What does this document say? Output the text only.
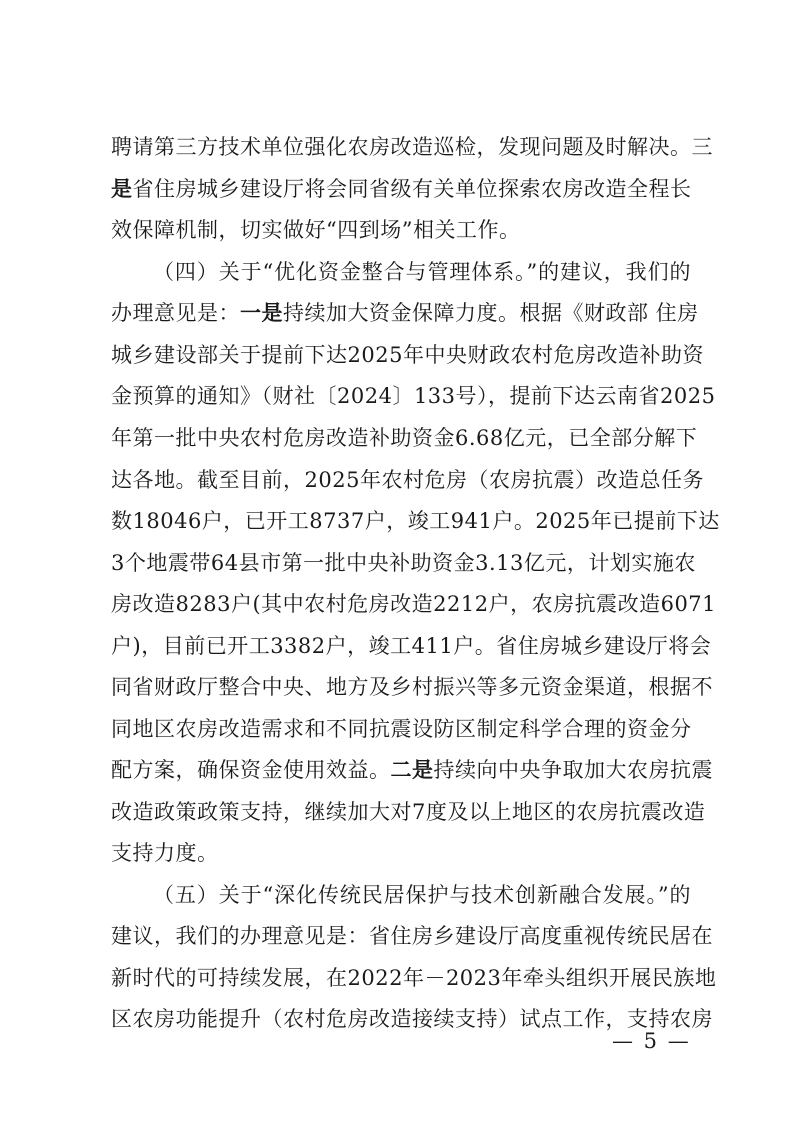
聘请第三方技术单位强化农房改造巡检，发现问题及时解决。三
是省住房城乡建设厅将会同省级有关单位探索农房改造全程长
效保障机制，切实做好“四到场”相关工作。
（四）关于“优化资金整合与管理体系。”的建议，我们的
办理意见是：一是持续加大资金保障力度。根据《财政部 住房
城乡建设部关于提前下达2025年中央财政农村危房改造补助资
金预算的通知》（财社〔2024〕133号），提前下达云南省2025
年第一批中央农村危房改造补助资金6.68亿元，已全部分解下
达各地。截至目前，2025年农村危房（农房抗震）改造总任务
数18046户，已开工8737户，竣工941户。2025年已提前下达
3个地震带64县市第一批中央补助资金3.13亿元，计划实施农
房改造8283户(其中农村危房改造2212户，农房抗震改造6071
户)，目前已开工3382户，竣工411户。省住房城乡建设厅将会
同省财政厅整合中央、地方及乡村振兴等多元资金渠道，根据不
同地区农房改造需求和不同抗震设防区制定科学合理的资金分
配方案，确保资金使用效益。二是持续向中央争取加大农房抗震
改造政策政策支持，继续加大对7度及以上地区的农房抗震改造
支持力度。
（五）关于“深化传统民居保护与技术创新融合发展。”的
建议，我们的办理意见是：省住房乡建设厅高度重视传统民居在
新时代的可持续发展，在2022年－2023年牵头组织开展民族地
区农房功能提升（农村危房改造接续支持）试点工作，支持农房
— 5 —
